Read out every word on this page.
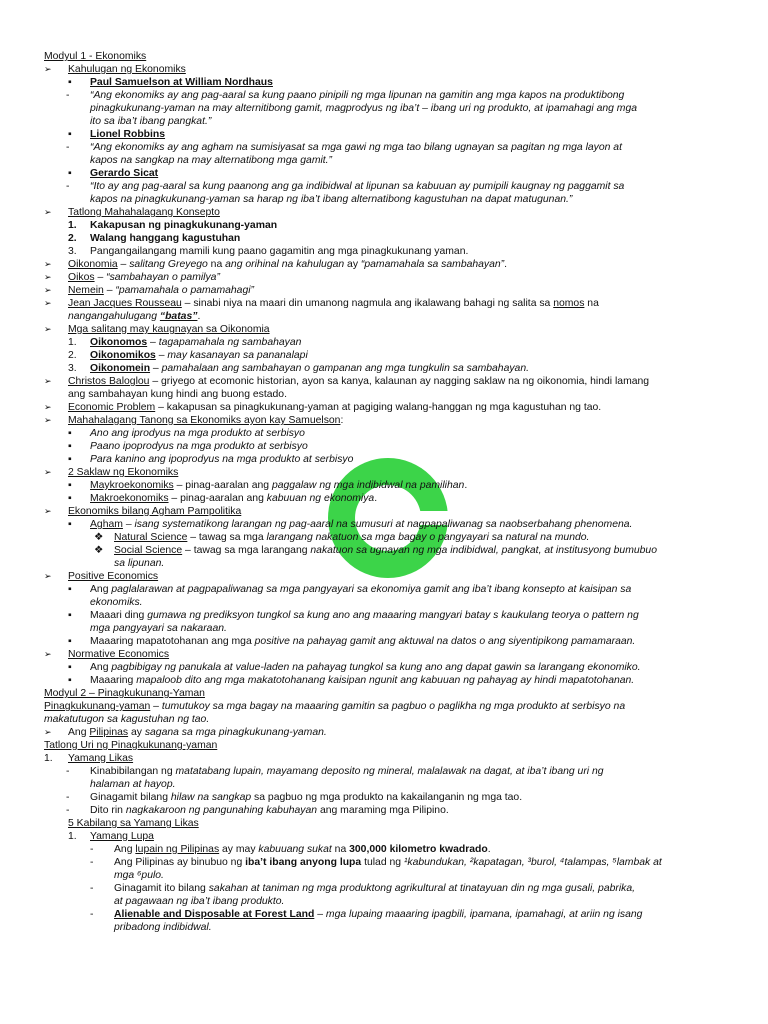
Modyul 1 - Ekonomiks
➢ Kahulugan ng Ekonomiks
▪ Paul Samuelson at William Nordhaus
- “Ang ekonomiks ay ang pag-aaral sa kung paano pinipili ng mga lipunan na gamitin ang mga kapos na produktibong
pinagkukunang-yaman na may alternitibong gamit, magprodyus ng iba’t – ibang uri ng produkto, at ipamahagi ang mga
ito sa iba’t ibang pangkat.”
▪ Lionel Robbins
- “Ang ekonomiks ay ang agham na sumisiyasat sa mga gawi ng mga tao bilang ugnayan sa pagitan ng mga layon at
kapos na sangkap na may alternatibong mga gamit.”
▪ Gerardo Sicat
- “Ito ay ang pag-aaral sa kung paanong ang ga indibidwal at lipunan sa kabuuan ay pumipili kaugnay ng paggamit sa
kapos na pinagkukunang-yaman sa harap ng iba’t ibang alternatibong kagustuhan na dapat matugunan.”
➢ Tatlong Mahahalagang Konsepto
1. Kakapusan ng pinagkukunang-yaman
2. Walang hanggang kagustuhan
3. Pangangailangang mamili kung paano gagamitin ang mga pinagkukunang yaman.
➢ Oikonomia – salitang Greyego na ang orihinal na kahulugan ay “pamamahala sa sambahayan”.
➢ Oikos – “sambahayan o pamilya”
➢ Nemein – “pamamahala o pamamahagi”
➢ Jean Jacques Rousseau – sinabi niya na maari din umanong nagmula ang ikalawang bahagi ng salita sa nomos na
nangangahulugang “batas”.
➢ Mga salitang may kaugnayan sa Oikonomia
1. Oikonomos – tagapamahala ng sambahayan
2. Oikonomikos – may kasanayan sa pananalapi
3. Oikonomein – pamahalaan ang sambahayan o gampanan ang mga tungkulin sa sambahayan.
➢ Christos Baloglou – griyego at ecomonic historian, ayon sa kanya, kalaunan ay nagging saklaw na ng oikonomia, hindi lamang
ang sambahayan kung hindi ang buong estado.
➢ Economic Problem – kakapusan sa pinagkukunang-yaman at pagiging walang-hanggan ng mga kagustuhan ng tao.
➢ Mahahalagang Tanong sa Ekonomiks ayon kay Samuelson:
▪ Ano ang iprodyus na mga produkto at serbisyo
▪ Paano ipoprodyus na mga produkto at serbisyo
▪ Para kanino ang ipoprodyus na mga produkto at serbisyo
➢ 2 Saklaw ng Ekonomiks
▪ Maykroekonomiks – pinag-aaralan ang paggalaw ng mga indibidwal na pamilihan.
▪ Makroekonomiks – pinag-aaralan ang kabuuan ng ekonomiya.
➢ Ekonomiks bilang Agham Pampolitika
▪ Agham – isang systematikong larangan ng pag-aaral na sumusuri at nagpapaliwanag sa naobserbahang phenomena.
❖ Natural Science – tawag sa mga larangang nakatuon sa mga bagay o pangyayari sa natural na mundo.
❖ Social Science – tawag sa mga larangang nakatuon sa ugnayan ng mga indibidwal, pangkat, at institusyong bumubuo
sa lipunan.
➢ Positive Economics
▪ Ang paglalarawan at pagpapaliwanag sa mga pangyayari sa ekonomiya gamit ang iba’t ibang konsepto at kaisipan sa
ekonomiks.
▪ Maaari ding gumawa ng prediksyon tungkol sa kung ano ang maaaring mangyari batay s kaukulang teorya o pattern ng
mga pangyayari sa nakaraan.
▪ Maaaring mapatotohanan ang mga positive na pahayag gamit ang aktuwal na datos o ang siyentipikong pamamaraan.
➢ Normative Economics
▪ Ang pagbibigay ng panukala at value-laden na pahayag tungkol sa kung ano ang dapat gawin sa larangang ekonomiko.
▪ Maaaring mapaloob dito ang mga makatotohanang kaisipan ngunit ang kabuuan ng pahayag ay hindi mapatotohanan.
Modyul 2 – Pinagkukunang-Yaman
Pinagkukunang-yaman – tumutukoy sa mga bagay na maaaring gamitin sa pagbuo o paglikha ng mga produkto at serbisyo na
makatutugon sa kagustuhan ng tao.
➢ Ang Pilipinas ay sagana sa mga pinagkukunang-yaman.
Tatlong Uri ng Pinagkukunang-yaman
1. Yamang Likas
- Kinabibilangan ng matatabang lupain, mayamang deposito ng mineral, malalawak na dagat, at iba’t ibang uri ng
halaman at hayop.
- Ginagamit bilang hilaw na sangkap sa pagbuo ng mga produkto na kakailanganin ng mga tao.
- Dito rin nagkakaroon ng pangunahing kabuhayan ang maraming mga Pilipino.
5 Kabilang sa Yamang Likas
1. Yamang Lupa
- Ang lupain ng Pilipinas ay may kabuuang sukat na 300,000 kilometro kwadrado.
- Ang Pilipinas ay binubuo ng iba’t ibang anyong lupa tulad ng ¹kabundukan, ²kapatagan, ³burol, ⁴talampas, ⁵lambak at
mga ⁶pulo.
- Ginagamit ito bilang sakahan at taniman ng mga produktong agrikultural at tinatayuan din ng mga gusali, pabrika,
at pagawaan ng iba’t ibang produkto.
- Alienable and Disposable at Forest Land – mga lupaing maaaring ipagbili, ipamana, ipamahagi, at ariin ng isang
pribadong indibidwal.
